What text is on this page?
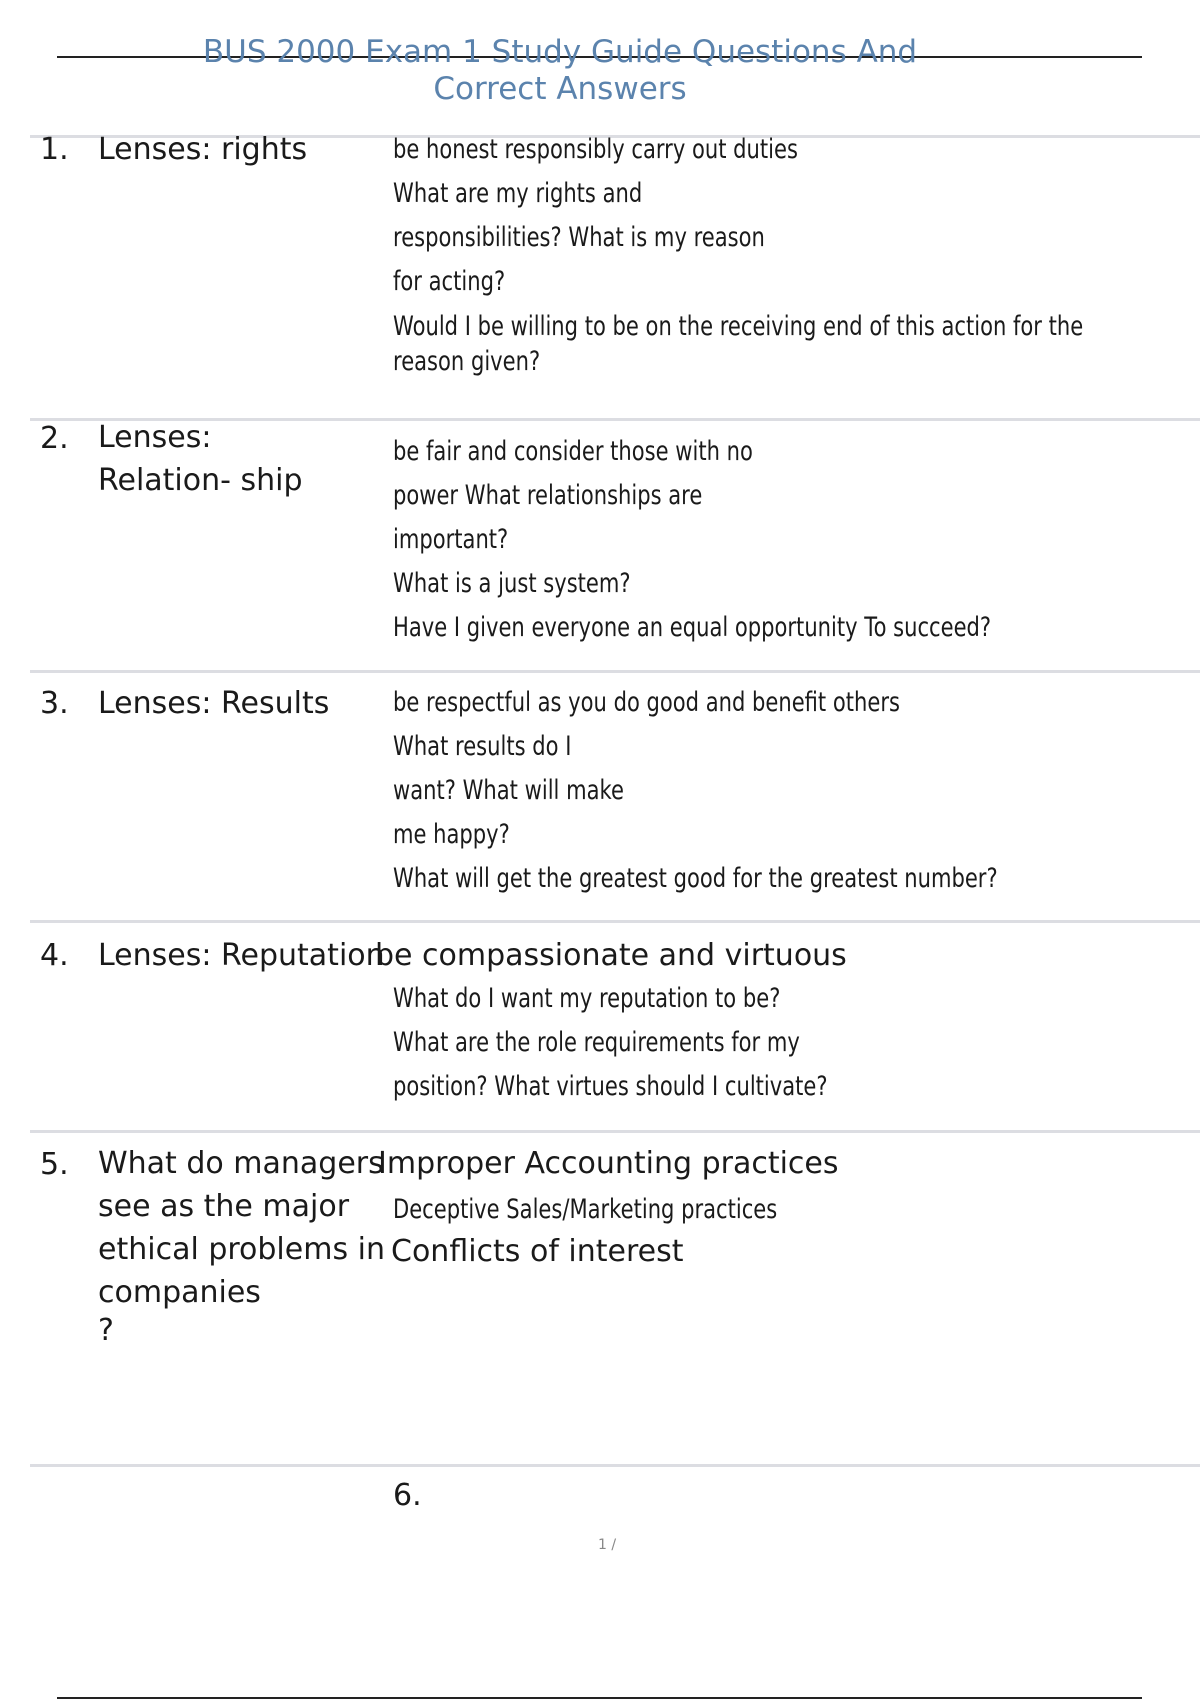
BUS 2000 Exam 1 Study Guide Questions And
Correct Answers
1. Lenses: rights	be honest responsibly carry out duties
What are my rights and
responsibilities? What is my reason
for acting?
Would I be willing to be on the receiving end of this action for the reason given?
2. Lenses:
Relation- ship
be fair and consider those with no
power What relationships are
important?
What is a just system?
Have I given everyone an equal opportunity To succeed?
3. Lenses: Results be respectful as you do good and benefit others
What results do I
want? What will make
me happy?
What will get the greatest good for the greatest number?
4. Lenses: Reputation
be compassionate and virtuous
What do I want my reputation to be?
What are the role requirements for my
position? What virtues should I cultivate?
5. What do managers
see as the major
ethical problems in
companies
?
Improper Accounting practices
Deceptive Sales/Marketing practices
Conflicts of interest
6.
1 /
